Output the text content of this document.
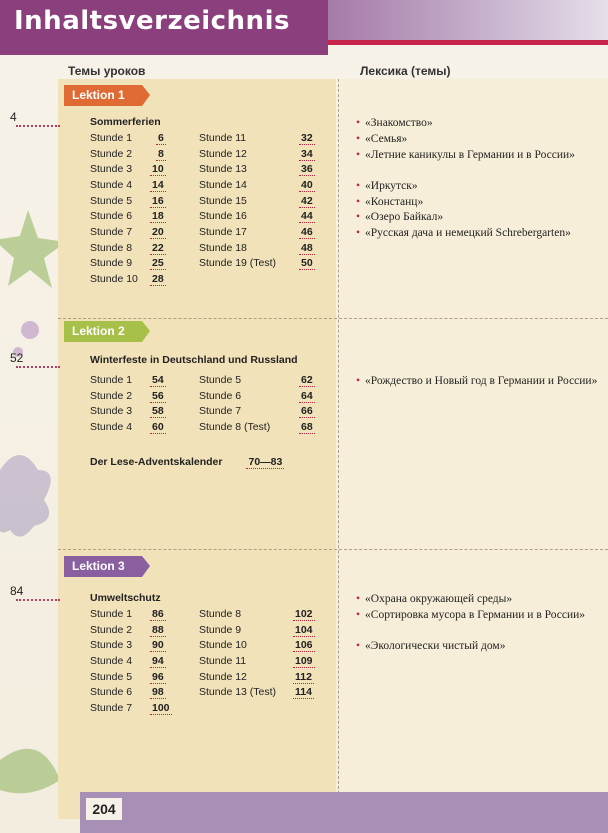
Inhaltsverzeichnis
Темы уроков	Лексика (темы)
4
Lektion 1
Sommerferien
Stunde 1 6
Stunde 2 8
Stunde 3 10
Stunde 4 14
Stunde 5 16
Stunde 6 18
Stunde 7 20
Stunde 8 22
Stunde 9 25
Stunde 10 28
Stunde 11	32
Stunde 12	34
Stunde 13	36
Stunde 14	40
Stunde 15	42
Stunde 16	44
Stunde 17	46
Stunde 18	48
Stunde 19 (Test) 50
• «Знакомство»
• «Семья»
• «Летние каникулы в Германии и в России»
• «Иркутск»
• «Констанц»
• «Озеро Байкал»
• «Русская дача и немецкий Schrebergarten»
52
Lektion 2
Winterfeste in Deutschland und Russland
Stunde 1 54
Stunde 2 56
Stunde 3 58
Stunde 4 60
Stunde 5	62
Stunde 6	64
Stunde 7	66
Stunde 8 (Test)	68
Der Lese-Adventskalender 70—83
• «Рождество и Новый год в Германии и России»
84
Lektion 3
Umweltschutz
Stunde 1 86
Stunde 2 88
Stunde 3 90
Stunde 4 94
Stunde 5 96
Stunde 6 98
Stunde 7 100
Stunde 8	102
Stunde 9	104
Stunde 10	106
Stunde 11	109
Stunde 12	112
Stunde 13 (Test) 114
• «Охрана окружающей среды»
• «Сортировка мусора в Германии и в России»
• «Экологически чистый дом»
204
